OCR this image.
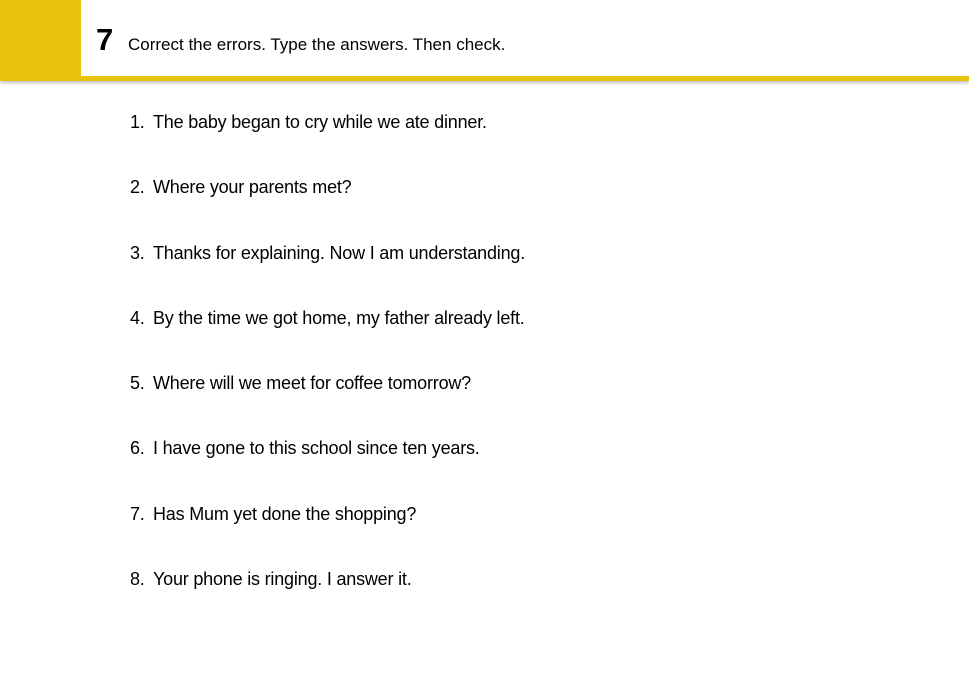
7 Correct the errors. Type the answers. Then check.
1. The baby began to cry while we ate dinner.
2. Where your parents met?
3. Thanks for explaining. Now I am understanding.
4. By the time we got home, my father already left.
5. Where will we meet for coffee tomorrow?
6. I have gone to this school since ten years.
7. Has Mum yet done the shopping?
8. Your phone is ringing. I answer it.
